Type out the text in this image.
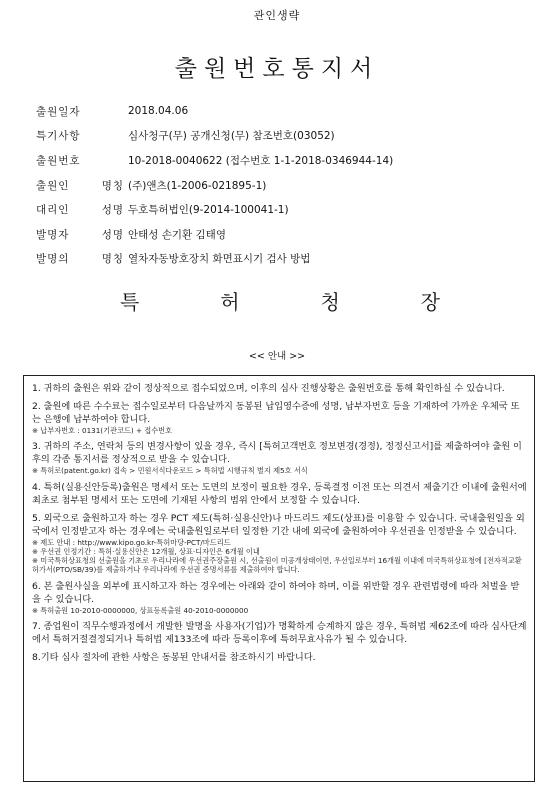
관인생략
출원번호통지서
출원일자	2018.04.06
특기사항	심사청구(무) 공개신청(무) 참조번호(03052)
출원번호	10-2018-0040622 (접수번호 1-1-2018-0346944-14)
출원인 명칭 (주)앤츠(1-2006-021895-1)
대리인 성명 두호특허법인(9-2014-100041-1)
발명자 성명 안태성 손기환 김태영
발명의 명칭 열차자동방호장치 화면표시기 검사 방법
특	허	청	장
<< 안내 >>
1. 귀하의 출원은 위와 같이 정상적으로 접수되었으며, 이후의 심사 진행상황은 출원번호를 통해 확인하실 수 있습니다.
2. 출원에 따른 수수료는 접수일로부터 다음날까지 동봉된 납입영수증에 성명, 납부자번호 등을 기재하여 가까운 우체국 또는 은행에 납부하여야 합니다.
※ 납부자번호 : 0131(기관코드) + 접수번호
3. 귀하의 주소, 연락처 등의 변경사항이 있을 경우, 즉시 [특허고객번호 정보변경(경정), 정정신고서]를 제출하여야 출원 이후의 각종 통지서를 정상적으로 받을 수 있습니다.
※ 특허로(patent.go.kr) 접속 > 민원서식다운로드 > 특허법 시행규칙 별지 제5호 서식
4. 특허(실용신안등록)출원은 명세서 또는 도면의 보정이 필요한 경우, 등록결정 이전 또는 의견서 제출기간 이내에 출원서에 최초로 첨부된 명세서 또는 도면에 기재된 사항의 범위 안에서 보정할 수 있습니다.
5. 외국으로 출원하고자 하는 경우 PCT 제도(특허·실용신안)나 마드리드 제도(상표)를 이용할 수 있습니다. 국내출원일을 외국에서 인정받고자 하는 경우에는 국내출원일로부터 일정한 기간 내에 외국에 출원하여야 우선권을 인정받을 수 있습니다.
※ 제도 안내 : http://www.kipo.go.kr-특허마당-PCT/마드리드
※ 우선권 인정기간 : 특허·실용신안은 12개월, 상표·디자인은 6개월 이내
※ 미국특허상표청의 선출원을 기초로 우리나라에 우선권주장출원 시, 선출원이 미공개상태이면, 우선일로부터 16개월 이내에 미국특허상표청에 [전자적교환허가서(PTO/SB/39)를 제출하거나 우리나라에 우선권 증명서류를 제출하여야 합니다.
6. 본 출원사실을 외부에 표시하고자 하는 경우에는 아래와 같이 하여야 하며, 이를 위반할 경우 관련법령에 따라 처벌을 받을 수 있습니다.
※ 특허출원 10-2010-0000000, 상표등록출원 40-2010-0000000
7. 종업원이 직무수행과정에서 개발한 발명을 사용자(기업)가 명확하게 승계하지 않은 경우, 특허법 제62조에 따라 심사단계에서 특허거절결정되거나 특허법 제133조에 따라 등록이후에 특허무효사유가 될 수 있습니다.
8.기타 심사 절차에 관한 사항은 동봉된 안내서를 참조하시기 바랍니다.
